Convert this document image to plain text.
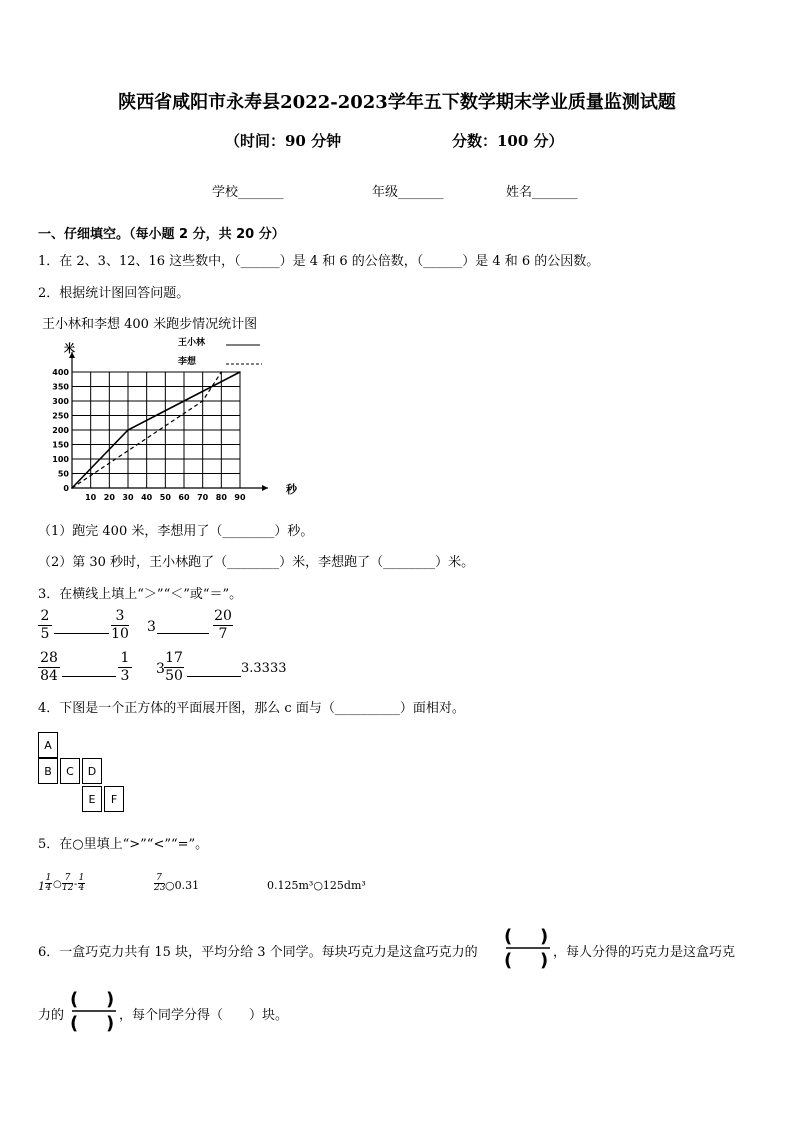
陕西省咸阳市永寿县2022-2023学年五下数学期末学业质量监测试题
（时间：90 分钟	分数：100 分）
学校_______	年级_______	姓名_______
一、仔细填空。（每小题 2 分，共 20 分）
1．在 2、3、12、16 这些数中，（______）是 4 和 6 的公倍数，（______）是 4 和 6 的公因数。
2．根据统计图回答问题。
王小林和李想 400 米跑步情况统计图
10 20 30 40 50 60 70 80 90
0
50
100
150
200
250
300
350
400
米
秒
王小林
李想
（1）跑完 400 米，李想用了（________）秒。
（2）第 30 秒时，王小林跑了（________）米，李想跑了（________）米。
3．在横线上填上“＞”“＜”或“＝”。
2
5
3
10 3
20
7
28
84
1
3 3
17
50	3.3333
4．下图是一个正方体的平面展开图，那么 c 面与（__________）面相对。
A
B	C	D
E	F
5．在○里填上“>”“<”“=”。
1
1
4 ○
7
12 -
1
4
7
23 ○0.31	0.125m³○125dm³
6．一盒巧克力共有 15 块，平均分给 3 个同学。每块巧克力是这盒巧克力的
( )
( ) ，每人分得的巧克力是这盒巧克
力的
( )
( ) ，每个同学分得（　　）块。
